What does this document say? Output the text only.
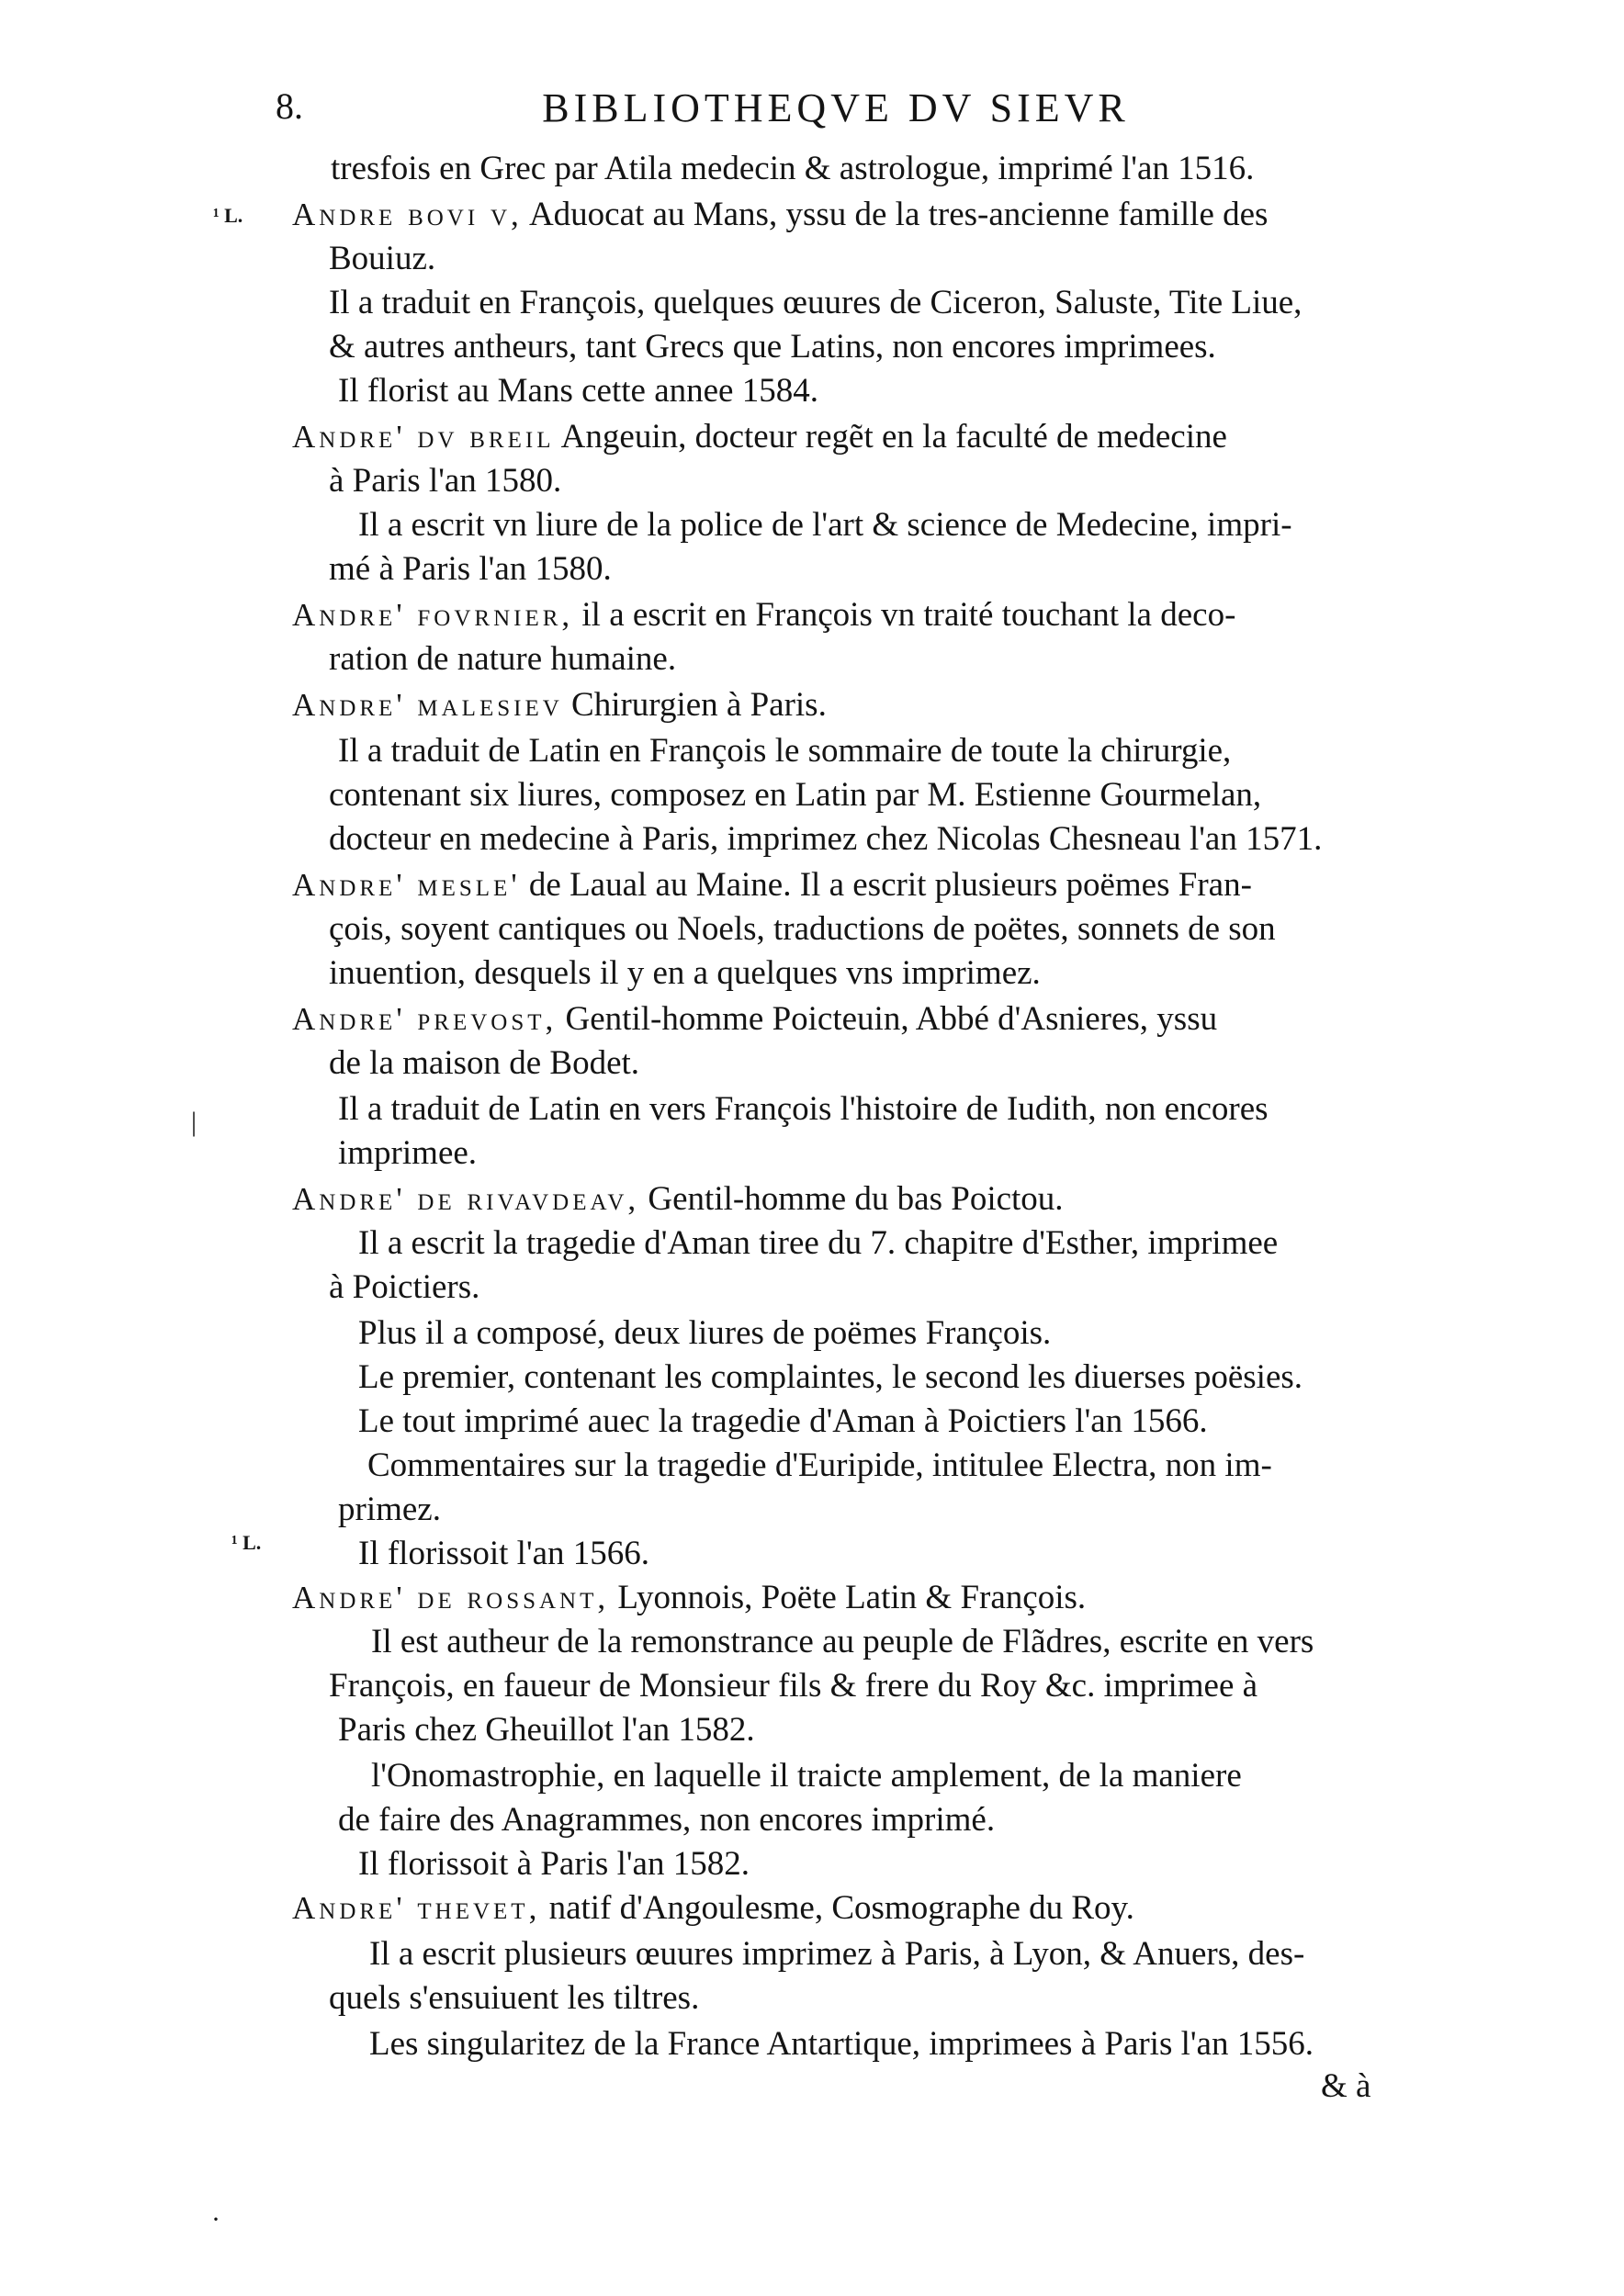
8.	BIBLIOTHEQVE DV SIEVR
¹ L.
¹ L.
|
·
tresfois en Grec par Atila medecin & astrologue, imprimé l'an 1516.
Andre bovi v, Aduocat au Mans, yssu de la tres-ancienne famille des
Bouiuz.
Il a traduit en François, quelques œuures de Ciceron, Saluste, Tite Liue,
& autres antheurs, tant Grecs que Latins, non encores imprimees.
Il florist au Mans cette annee 1584.
Andre' dv breil Angeuin, docteur regẽt en la faculté de medecine
à Paris l'an 1580.
Il a escrit vn liure de la police de l'art & science de Medecine, impri-
mé à Paris l'an 1580.
Andre' fovrnier, il a escrit en François vn traité touchant la deco-
ration de nature humaine.
Andre' malesiev Chirurgien à Paris.
Il a traduit de Latin en François le sommaire de toute la chirurgie,
contenant six liures, composez en Latin par M. Estienne Gourmelan,
docteur en medecine à Paris, imprimez chez Nicolas Chesneau l'an 1571.
Andre' mesle' de Laual au Maine. Il a escrit plusieurs poëmes Fran-
çois, soyent cantiques ou Noels, traductions de poëtes, sonnets de son
inuention, desquels il y en a quelques vns imprimez.
Andre' prevost, Gentil-homme Poicteuin, Abbé d'Asnieres, yssu
de la maison de Bodet.
Il a traduit de Latin en vers François l'histoire de Iudith, non encores
imprimee.
Andre' de rivavdeav, Gentil-homme du bas Poictou.
Il a escrit la tragedie d'Aman tiree du 7. chapitre d'Esther, imprimee
à Poictiers.
Plus il a composé, deux liures de poëmes François.
Le premier, contenant les complaintes, le second les diuerses poësies.
Le tout imprimé auec la tragedie d'Aman à Poictiers l'an 1566.
Commentaires sur la tragedie d'Euripide, intitulee Electra, non im-
primez.
Il florissoit l'an 1566.
Andre' de rossant, Lyonnois, Poëte Latin & François.
Il est autheur de la remonstrance au peuple de Flãdres, escrite en vers
François, en faueur de Monsieur fils & frere du Roy &c. imprimee à
Paris chez Gheuillot l'an 1582.
l'Onomastrophie, en laquelle il traicte amplement, de la maniere
de faire des Anagrammes, non encores imprimé.
Il florissoit à Paris l'an 1582.
Andre' thevet, natif d'Angoulesme, Cosmographe du Roy.
Il a escrit plusieurs œuures imprimez à Paris, à Lyon, & Anuers, des-
quels s'ensuiuent les tiltres.
Les singularitez de la France Antartique, imprimees à Paris l'an 1556.
& à
